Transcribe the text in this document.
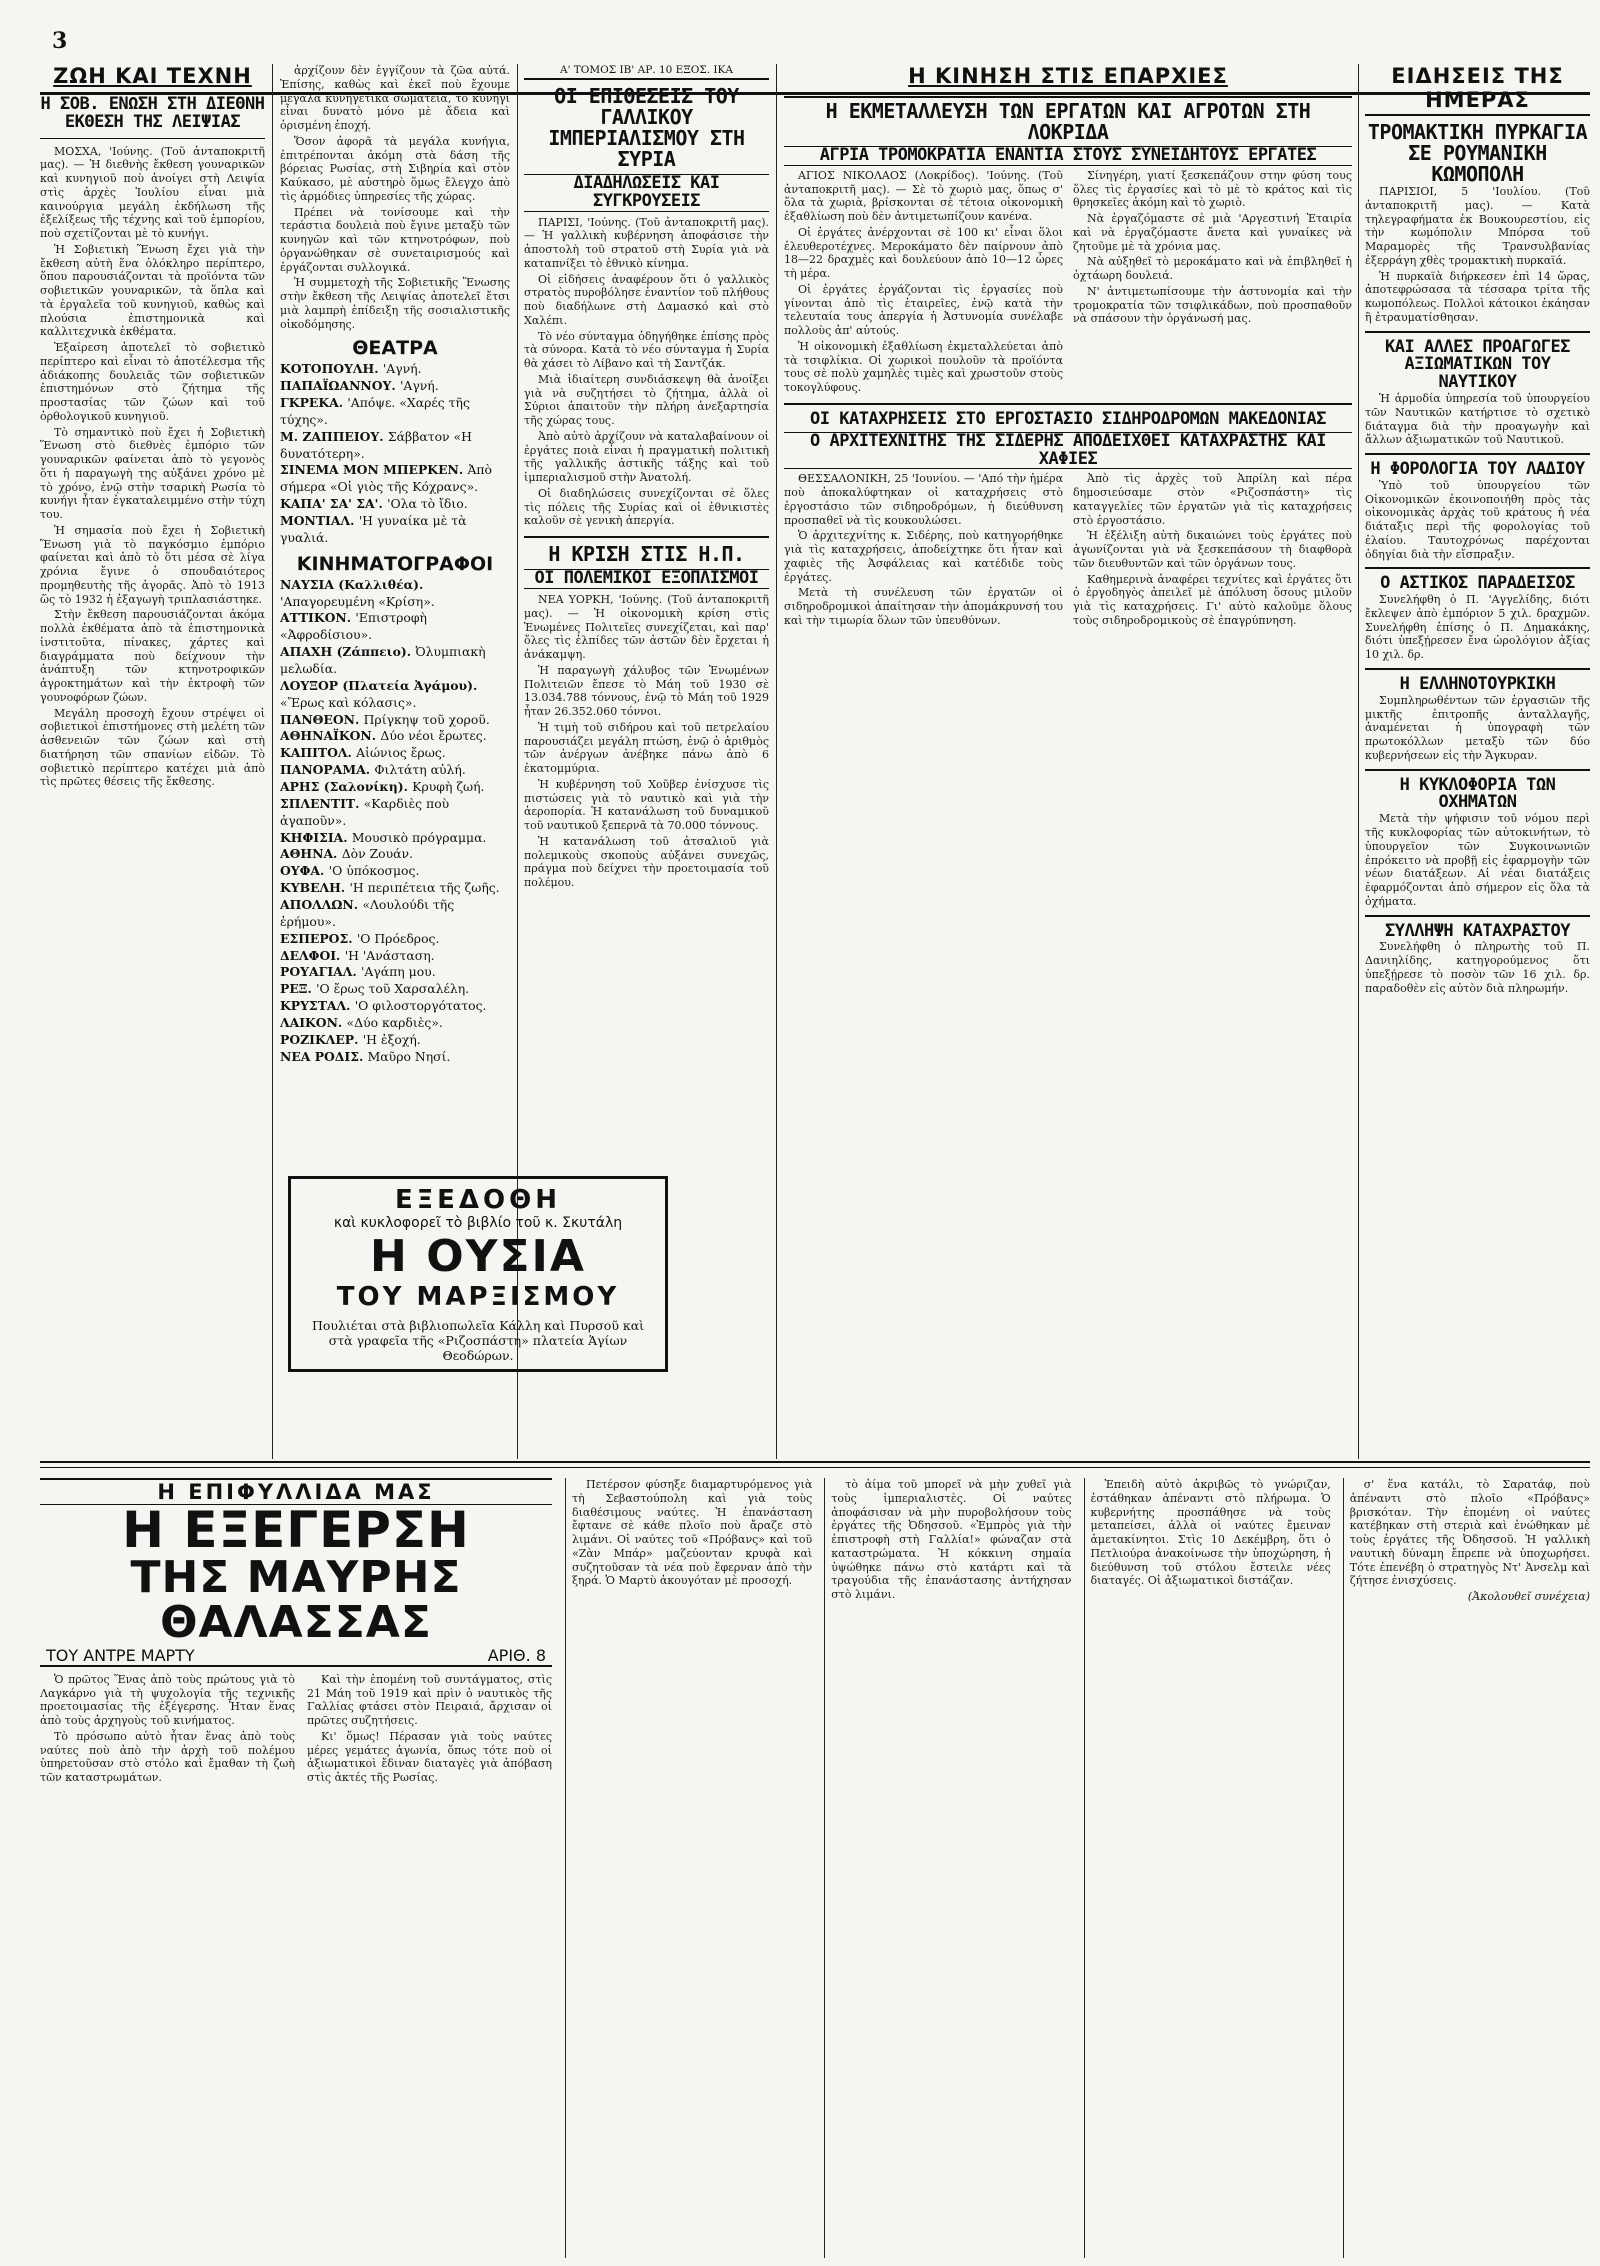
3
ΖΩΗ ΚΑΙ ΤΕΧΝΗ
Η ΣΟΒ. ΕΝΩΣΗ ΣΤΗ ΔΙΕΘΝΗ ΕΚΘΕΣΗ ΤΗΣ ΛΕΙΨΙΑΣ

ΜΟΣΧΑ, 'Ιούνης. (Τοῦ ἀνταποκριτῆ μας). — Ἡ διεθνὴς ἔκθεση γουναρικῶν καὶ κυνηγιοῦ ποὺ ἀνοίγει στὴ Λειψία στὶς ἀρχὲς Ἰουλίου εἶναι μιὰ καινούργια μεγάλη ἐκδήλωση τῆς ἐξελίξεως τῆς τέχνης καὶ τοῦ ἐμπορίου, ποὺ σχετίζονται μὲ τὸ κυνήγι.

Ἡ Σοβιετικὴ Ἕνωση ἔχει γιὰ τὴν ἔκθεση αὐτὴ ἕνα ὁλόκληρο περίπτερο, ὅπου παρουσιάζονται τὰ προϊόντα τῶν σοβιετικῶν γουναρικῶν, τὰ ὅπλα καὶ τὰ ἐργαλεῖα τοῦ κυνηγιοῦ, καθὼς καὶ πλούσια ἐπιστημονικὰ καὶ καλλιτεχνικὰ ἐκθέματα.

Ἐξαίρεση ἀποτελεῖ τὸ σοβιετικὸ περίπτερο καὶ εἶναι τὸ ἀποτέλεσμα τῆς ἀδιάκοπης δουλειᾶς τῶν σοβιετικῶν ἐπιστημόνων στὸ ζήτημα τῆς προστασίας τῶν ζώων καὶ τοῦ ὀρθολογικοῦ κυνηγιοῦ.

Τὸ σημαντικὸ ποὺ ἔχει ἡ Σοβιετικὴ Ἕνωση στὸ διεθνὲς ἐμπόριο τῶν γουναρικῶν φαίνεται ἀπὸ τὸ γεγονὸς ὅτι ἡ παραγωγὴ της αὐξάνει χρόνο μὲ τὸ χρόνο, ἐνῷ στὴν τσαρικὴ Ρωσία τὸ κυνήγι ἦταν ἐγκαταλειμμένο στὴν τύχη του.

Ἡ σημασία ποὺ ἔχει ἡ Σοβιετικὴ Ἕνωση γιὰ τὸ παγκόσμιο ἐμπόριο φαίνεται καὶ ἀπὸ τὸ ὅτι μέσα σὲ λίγα χρόνια ἔγινε ὁ σπουδαιότερος προμηθευτὴς τῆς ἀγορᾶς. Ἀπὸ τὸ 1913 ὥς τὸ 1932 ἡ ἐξαγωγὴ τριπλασιάστηκε.

Στὴν ἔκθεση παρουσιάζονται ἀκόμα πολλὰ ἐκθέματα ἀπὸ τὰ ἐπιστημονικὰ ἰνστιτοῦτα, πίνακες, χάρτες καὶ διαγράμματα ποὺ δείχνουν τὴν ἀνάπτυξη τῶν κτηνοτροφικῶν ἀγροκτημάτων καὶ τὴν ἐκτροφὴ τῶν γουνοφόρων ζώων.

Μεγάλη προσοχὴ ἔχουν στρέψει οἱ σοβιετικοὶ ἐπιστήμονες στὴ μελέτη τῶν ἀσθενειῶν τῶν ζώων καὶ στὴ διατήρηση τῶν σπανίων εἰδῶν. Τὸ σοβιετικὸ περίπτερο κατέχει μιὰ ἀπὸ τὶς πρῶτες θέσεις τῆς ἔκθεσης.

ἀρχίζουν δὲν ἐγγίζουν τὰ ζῶα αὐτά. Ἐπίσης, καθὼς καὶ ἐκεῖ ποὺ ἔχουμε μεγάλα κυνηγετικὰ σωματεῖα, τὸ κυνήγι εἶναι δυνατὸ μόνο μὲ ἄδεια καὶ ὁρισμένη ἐποχή.

Ὅσον ἀφορᾶ τὰ μεγάλα κυνήγια, ἐπιτρέπονται ἀκόμη στὰ δάση τῆς βόρειας Ρωσίας, στὴ Σιβηρία καὶ στὸν Καύκασο, μὲ αὐστηρὸ ὅμως ἔλεγχο ἀπὸ τὶς ἀρμόδιες ὑπηρεσίες τῆς χώρας.

Πρέπει νὰ τονίσουμε καὶ τὴν τεράστια δουλειὰ ποὺ ἔγινε μεταξὺ τῶν κυνηγῶν καὶ τῶν κτηνοτρόφων, ποὺ ὀργανώθηκαν σὲ συνεταιρισμούς καὶ ἐργάζονται συλλογικά.

Ἡ συμμετοχὴ τῆς Σοβιετικῆς Ἕνωσης στὴν ἔκθεση τῆς Λειψίας ἀποτελεῖ ἔτσι μιὰ λαμπρὴ ἐπίδειξη τῆς σοσιαλιστικῆς οἰκοδόμησης.

ΘΕΑΤΡΑ
ΚΟΤΟΠΟΥΛΗ. 'Αγνή.
ΠΑΠΑΪΩΑΝΝΟΥ. 'Αγνή.
ΓΚΡΕΚΑ. 'Απόψε. «Χαρές τῆς τύχης».
Μ. ΖΑΠΠΕΙΟΥ. Σάββατον «Η δυνατότερη».
ΣΙΝΕΜΑ ΜΟΝ ΜΠΕΡΚΕΝ. Ἀπὸ σήμερα «Οἱ γιὸς τῆς Κόχρανς».
ΚΑΠΑ' ΣΑ' ΣΑ'. 'Ολα τὸ ἴδιο.
ΜΟΝΤΙΑΛ. 'Η γυναίκα μὲ τὰ γυαλιά.
ΚΙΝΗΜΑΤΟΓΡΑΦΟΙ
ΝΑΥΣΙΑ (Καλλιθέα). 'Απαγορευμένη «Κρίση».
ΑΤΤΙΚΟΝ. 'Επιστροφὴ «Ἀφροδίσιου».
ΑΠΑΧΗ (Ζάππειο). Ὀλυμπιακὴ μελωδία.
ΛΟΥΞΟΡ (Πλατεία Ἀγάμου). «Ἔρως καὶ κόλασις».
ΠΑΝΘΕΟΝ. Πρίγκηψ τοῦ χοροῦ.
ΑΘΗΝΑΪΚΟΝ. Δύο νέοι ἔρωτες.
ΚΑΠΙΤΟΛ. Αἰώνιος ἔρως.
ΠΑΝΟΡΑΜΑ. Φιλτάτη αὐλή.
ΑΡΗΣ (Σαλονίκη). Κρυφὴ ζωή.
ΣΠΛΕΝΤΙΤ. «Καρδιὲς ποὺ ἀγαποῦν».
ΚΗΦΙΣΙΑ. Μουσικὸ πρόγραμμα.
ΑΘΗΝΑ. Δὸν Ζουάν.
ΟΥΦΑ. 'Ο ὑπόκοσμος.
ΚΥΒΕΛΗ. 'Η περιπέτεια τῆς ζωῆς.
ΑΠΟΛΛΩΝ. «Λουλούδι τῆς ἐρήμου».
ΕΣΠΕΡΟΣ. 'Ο Πρόεδρος.
ΔΕΛΦΟΙ. 'Η 'Ανάσταση.
ΡΟΥΑΓΙΑΛ. 'Αγάπη μου.
ΡΕΞ. 'Ο ἔρως τοῦ Χαρσαλέλη.
ΚΡΥΣΤΑΛ. 'Ο φιλοστοργότατος.
ΛΑΙΚΟΝ. «Δύο καρδιὲς».
ΡΟΖΙΚΛΕΡ. 'Η ἐξοχή.
ΝΕΑ ΡΟΔΙΣ. Μαῦρο Νησί.
ΕΞΕΔΟΘΗ
καὶ κυκλοφορεῖ τὸ βιβλίο τοῦ κ. Σκυτάλη
Η ΟΥΣΙΑ
ΤΟΥ ΜΑΡΞΙΣΜΟΥ
Πουλιέται στὰ βιβλιοπωλεῖα Κάλλη καὶ Πυρσοῦ καὶ στὰ γραφεῖα τῆς «Ριζοσπάστη» πλατεία Ἁγίων Θεοδώρων.
Α' ΤΟΜΟΣ ΙΒ' ΑΡ. 10 ΕΞΟΣ. ΙΚΑ
ΟΙ ΕΠΙΘΕΣΕΙΣ ΤΟΥ ΓΑΛΛΙΚΟΥ ΙΜΠΕΡΙΑΛΙΣΜΟΥ ΣΤΗ ΣΥΡΙΑ
ΔΙΑΔΗΛΩΣΕΙΣ ΚΑΙ ΣΥΓΚΡΟΥΣΕΙΣ

ΠΑΡΙΣΙ, 'Ιούνης. (Τοῦ ἀνταποκριτῆ μας). — Ἡ γαλλικὴ κυβέρνηση ἀποφάσισε τὴν ἀποστολὴ τοῦ στρατοῦ στὴ Συρία γιὰ νὰ καταπνίξει τὸ ἐθνικὸ κίνημα.

Οἱ εἰδήσεις ἀναφέρουν ὅτι ὁ γαλλικὸς στρατὸς πυροβόλησε ἐναντίον τοῦ πλήθους ποὺ διαδήλωνε στὴ Δαμασκό καὶ στὸ Χαλέπι.

Τὸ νέο σύνταγμα ὁδηγήθηκε ἐπίσης πρὸς τὰ σύνορα. Κατὰ τὸ νέο σύνταγμα ἡ Συρία θὰ χάσει τὸ Λίβανο καὶ τὴ Σαντζάκ.

Μιὰ ἰδιαίτερη συνδιάσκεψη θὰ ἀνοίξει γιὰ νὰ συζητήσει τὸ ζήτημα, ἀλλὰ οἱ Σύριοι ἀπαιτοῦν τὴν πλήρη ἀνεξαρτησία τῆς χώρας τους.

Ἀπὸ αὐτὸ ἀρχίζουν νὰ καταλαβαίνουν οἱ ἐργάτες ποιὰ εἶναι ἡ πραγματικὴ πολιτικὴ τῆς γαλλικῆς ἀστικῆς τάξης καὶ τοῦ ἰμπεριαλισμοῦ στὴν Ἀνατολή.

Οἱ διαδηλώσεις συνεχίζονται σὲ ὅλες τὶς πόλεις τῆς Συρίας καὶ οἱ ἐθνικιστὲς καλοῦν σὲ γενικὴ ἀπεργία.

Η ΚΡΙΣΗ ΣΤΙΣ Η.Π.
ΟΙ ΠΟΛΕΜΙΚΟΙ ΕΞΟΠΛΙΣΜΟΙ

ΝΕΑ ΥΟΡΚΗ, 'Ιούνης. (Τοῦ ἀνταποκριτῆ μας). — Ἡ οἰκονομικὴ κρίση στὶς Ἑνωμένες Πολιτεῖες συνεχίζεται, καὶ παρ' ὅλες τὶς ἐλπίδες τῶν ἀστῶν δὲν ἔρχεται ἡ ἀνάκαμψη.

Ἡ παραγωγὴ χάλυβος τῶν Ἑνωμένων Πολιτειῶν ἔπεσε τὸ Μάη τοῦ 1930 σὲ 13.034.788 τόννους, ἐνῷ τὸ Μάη τοῦ 1929 ἦταν 26.352.060 τόννοι.

Ἡ τιμὴ τοῦ σιδήρου καὶ τοῦ πετρελαίου παρουσιάζει μεγάλη πτώση, ἐνῷ ὁ ἀριθμὸς τῶν ἀνέργων ἀνέβηκε πάνω ἀπὸ 6 ἑκατομμύρια.

Ἡ κυβέρνηση τοῦ Χοῦβερ ἐνίσχυσε τὶς πιστώσεις γιὰ τὸ ναυτικὸ καὶ γιὰ τὴν ἀεροπορία. Ἡ κατανάλωση τοῦ δυναμικοῦ τοῦ ναυτικοῦ ξεπερνᾶ τὰ 70.000 τόννους.

Ἡ κατανάλωση τοῦ ἀτσαλιοῦ γιὰ πολεμικοὺς σκοποὺς αὐξάνει συνεχῶς, πράγμα ποὺ δείχνει τὴν προετοιμασία τοῦ πολέμου.

Η ΚΙΝΗΣΗ ΣΤΙΣ ΕΠΑΡΧΙΕΣ
Η ΕΚΜΕΤΑΛΛΕΥΣΗ ΤΩΝ ΕΡΓΑΤΩΝ ΚΑΙ ΑΓΡΟΤΩΝ ΣΤΗ ΛΟΚΡΙΔΑ
ΑΓΡΙΑ ΤΡΟΜΟΚΡΑΤΙΑ ΕΝΑΝΤΙΑ ΣΤΟΥΣ ΣΥΝΕΙΔΗΤΟΥΣ ΕΡΓΑΤΕΣ

ΑΓΙΟΣ ΝΙΚΟΛΑΟΣ (Λοκρίδος). 'Ιούνης. (Τοῦ ἀνταποκριτῆ μας). — Σὲ τὸ χωριὸ μας, ὅπως σ' ὅλα τὰ χωριὰ, βρίσκονται σὲ τέτοια οἰκονομικὴ ἐξαθλίωση ποὺ δὲν ἀντιμετωπίζουν κανένα.

Οἱ ἐργάτες ἀνέρχονται σὲ 100 κι' εἶναι ὅλοι ἐλευθεροτέχνες. Μεροκάματο δὲν παίρνουν ἀπὸ 18—22 δραχμὲς καὶ δουλεύουν ἀπὸ 10—12 ὧρες τὴ μέρα.

Οἱ ἐργάτες ἐργάζονται τὶς ἐργασίες ποὺ γίνονται ἀπὸ τὶς ἑταιρεῖες, ἐνῷ κατὰ τὴν τελευταία τους ἀπεργία ἡ Ἀστυνομία συνέλαβε πολλοὺς ἀπ' αὐτούς.

Ἡ οἰκονομικὴ ἐξαθλίωση ἐκμεταλλεύεται ἀπὸ τὰ τσιφλίκια. Οἱ χωρικοὶ πουλοῦν τὰ προϊόντα τους σὲ πολὺ χαμηλὲς τιμὲς καὶ χρωστοῦν στοὺς τοκογλύφους.

Σίνηγέρη, γιατί ξεσκεπάζουν στην φύση τους ὅλες τὶς ἐργασίες καὶ τὸ μὲ τὸ κράτος καὶ τὶς θρησκεῖες ἀκόμη καὶ τὸ χωριὸ.

Νὰ ἐργαζόμαστε σὲ μιὰ 'Αργεστινή Ἑταιρία καὶ νὰ ἐργαζόμαστε ἄνετα καὶ γυναίκες νὰ ζητοῦμε μὲ τὰ χρόνια μας.

Νὰ αὐξηθεῖ τὸ μεροκάματο καὶ νὰ ἐπιβληθεῖ ἡ ὀχτάωρη δουλειά.

Ν' ἀντιμετωπίσουμε τὴν ἀστυνομία καὶ τὴν τρομοκρατία τῶν τσιφλικάδων, ποὺ προσπαθοῦν νὰ σπάσουν τὴν ὀργάνωσή μας.

ΟΙ ΚΑΤΑΧΡΗΣΕΙΣ ΣΤΟ ΕΡΓΟΣΤΑΣΙΟ ΣΙΔΗΡΟΔΡΟΜΩΝ ΜΑΚΕΔΟΝΙΑΣ
Ο ΑΡΧΙΤΕΧΝΙΤΗΣ ΤΗΣ ΣΙΔΕΡΗΣ ΑΠΟΔΕΙΧΘΕΙ ΚΑΤΑΧΡΑΣΤΗΣ ΚΑΙ ΧΑΦΙΕΣ

ΘΕΣΣΑΛΟΝΙΚΗ, 25 'Ιουνίου. — 'Από τὴν ἡμέρα ποὺ ἀποκαλύφτηκαν οἱ καταχρήσεις στὸ ἐργοστάσιο τῶν σιδηροδρόμων, ἡ διεύθυνση προσπαθεῖ νὰ τὶς κουκουλώσει.

Ὁ ἀρχιτεχνίτης κ. Σιδέρης, ποὺ κατηγορήθηκε γιὰ τὶς καταχρήσεις, ἀποδείχτηκε ὅτι ἦταν καὶ χαφιὲς τῆς Ἀσφάλειας καὶ κατέδιδε τοὺς ἐργάτες.

Μετὰ τὴ συνέλευση τῶν ἐργατῶν οἱ σιδηροδρομικοὶ ἀπαίτησαν τὴν ἀπομάκρυνσή του καὶ τὴν τιμωρία ὅλων τῶν ὑπευθύνων.

Ἀπὸ τὶς ἀρχὲς τοῦ Ἀπρίλη καὶ πέρα δημοσιεύσαμε στὸν «Ριζοσπάστη» τὶς καταγγελίες τῶν ἐργατῶν γιὰ τὶς καταχρήσεις στὸ ἐργοστάσιο.

Ἡ ἐξέλιξη αὐτὴ δικαιώνει τοὺς ἐργάτες ποὺ ἀγωνίζονται γιὰ νὰ ξεσκεπάσουν τὴ διαφθορὰ τῶν διευθυντῶν καὶ τῶν ὀργάνων τους.

Καθημερινὰ ἀναφέρει τεχνίτες καὶ ἐργάτες ὅτι ὁ ἐργοδηγὸς ἀπειλεῖ μὲ ἀπόλυση ὅσους μιλοῦν γιὰ τὶς καταχρήσεις. Γι' αὐτὸ καλοῦμε ὅλους τοὺς σιδηροδρομικοὺς σὲ ἐπαγρύπνηση.

ΕΙΔΗΣΕΙΣ ΤΗΣ ΗΜΕΡΑΣ
ΤΡΟΜΑΚΤΙΚΗ ΠΥΡΚΑΓΙΑ ΣΕ ΡΟΥΜΑΝΙΚΗ ΚΩΜΟΠΟΛΗ

ΠΑΡΙΣΙΟΙ, 5 'Ιουλίου. (Τοῦ ἀνταποκριτῆ μας). — Κατὰ τηλεγραφήματα ἐκ Βουκουρεστίου, εἰς τὴν κωμόπολιν Μπόρσα τοῦ Μαραμορὲς τῆς Τρανσυλβανίας ἐξερράγη χθὲς τρομακτικὴ πυρκαϊά.

Ἡ πυρκαϊὰ διήρκεσεν ἐπὶ 14 ὥρας, ἀποτεφρώσασα τὰ τέσσαρα τρίτα τῆς κωμοπόλεως. Πολλοὶ κάτοικοι ἐκάησαν ἢ ἐτραυματίσθησαν.

ΚΑΙ ΑΛΛΕΣ ΠΡΟΑΓΩΓΕΣ ΑΞΙΩΜΑΤΙΚΩΝ ΤΟΥ ΝΑΥΤΙΚΟΥ

Ἡ ἁρμοδία ὑπηρεσία τοῦ ὑπουργείου τῶν Ναυτικῶν κατήρτισε τὸ σχετικὸ διάταγμα διὰ τὴν προαγωγὴν καὶ ἄλλων ἀξιωματικῶν τοῦ Ναυτικοῦ.

Η ΦΟΡΟΛΟΓΙΑ ΤΟΥ ΛΑΔΙΟΥ

Ὑπὸ τοῦ ὑπουργείου τῶν Οἰκονομικῶν ἐκοινοποιήθη πρὸς τὰς οἰκονομικὰς ἀρχὰς τοῦ κράτους ἡ νέα διάταξις περὶ τῆς φορολογίας τοῦ ἐλαίου. Ταυτοχρόνως παρέχονται ὁδηγίαι διὰ τὴν εἴσπραξιν.

Ο ΑΣΤΙΚΟΣ ΠΑΡΑΔΕΙΣΟΣ

Συνελήφθη ὁ Π. 'Αγγελίδης, διότι ἔκλεψεν ἀπὸ ἐμπόριον 5 χιλ. δραχμῶν. Συνελήφθη ἐπίσης ὁ Π. Δημακάκης, διότι ὑπεξῄρεσεν ἔνα ὡρολόγιον ἀξίας 10 χιλ. δρ.

Η ΕΛΛΗΝΟΤΟΥΡΚΙΚΗ

Συμπληρωθέντων τῶν ἐργασιῶν τῆς μικτῆς ἐπιτροπῆς ἀνταλλαγῆς, ἀναμένεται ἡ ὑπογραφὴ τῶν πρωτοκόλλων μεταξὺ τῶν δύο κυβερνήσεων εἰς τὴν Ἄγκυραν.

Η ΚΥΚΛΟΦΟΡΙΑ ΤΩΝ ΟΧΗΜΑΤΩΝ

Μετὰ τὴν ψήφισιν τοῦ νόμου περὶ τῆς κυκλοφορίας τῶν αὐτοκινήτων, τὸ ὑπουργεῖον τῶν Συγκοινωνιῶν ἐπρόκειτο νὰ προβῇ εἰς ἐφαρμογὴν τῶν νέων διατάξεων. Αἱ νέαι διατάξεις ἐφαρμόζονται ἀπὸ σήμερον εἰς ὅλα τὰ ὀχήματα.

ΣΥΛΛΗΨΗ ΚΑΤΑΧΡΑΣΤΟΥ

Συνελήφθη ὁ πληρωτὴς τοῦ Π. Δανιηλίδης, κατηγορούμενος ὅτι ὑπεξῄρεσε τὸ ποσὸν τῶν 16 χιλ. δρ. παραδοθὲν εἰς αὐτὸν διὰ πληρωμήν.

Η ΕΠΙΦΥΛΛΙΔΑ ΜΑΣ
Η ΕΞΕΓΕΡΣΗ
ΤΗΣ ΜΑΥΡΗΣ ΘΑΛΑΣΣΑΣ
ΤΟΥ ΑΝΤΡΕ ΜΑΡΤΥ	ΑΡΙΘ. 8

Ὁ πρῶτος Ἕνας ἀπὸ τοὺς πρώτους γιὰ τὸ Λαγκάρνο γιὰ τὴ ψυχολογία τῆς τεχνικῆς προετοιμασίας τῆς ἐξέγερσης. Ἦταν ἕνας ἀπὸ τοὺς ἀρχηγοὺς τοῦ κινήματος.

Τὸ πρόσωπο αὐτὸ ἦταν ἕνας ἀπὸ τοὺς ναύτες ποὺ ἀπὸ τὴν ἀρχὴ τοῦ πολέμου ὑπηρετοῦσαν στὸ στόλο καὶ ἔμαθαν τὴ ζωὴ τῶν καταστρωμάτων.

Καὶ τὴν ἐπομένη τοῦ συντάγματος, στὶς 21 Μάη τοῦ 1919 καὶ πρὶν ὁ ναυτικὸς τῆς Γαλλίας φτάσει στὸν Πειραιά, ἄρχισαν οἱ πρῶτες συζητήσεις.

Κι' ὅμως! Πέρασαν γιὰ τοὺς ναύτες μέρες γεμάτες ἀγωνία, ὅπως τότε ποὺ οἱ ἀξιωματικοὶ ἔδιναν διαταγὲς γιὰ ἀπόβαση στὶς ἀκτές τῆς Ρωσίας.

Πετέρσον φύσηξε διαμαρτυρόμενος γιὰ τὴ Σεβαστούπολη καὶ γιὰ τοὺς διαθέσιμους ναύτες. Ἡ ἐπανάσταση ἔφτανε σὲ κάθε πλοῖο ποὺ ἄραζε στὸ λιμάνι. Οἱ ναύτες τοῦ «Πρόβανς» καὶ τοῦ «Ζὰν Μπάρ» μαζεύονταν κρυφὰ καὶ συζητοῦσαν τὰ νέα ποὺ ἔφερναν ἀπὸ τὴν ξηρά. Ὁ Μαρτὺ ἀκουγόταν μὲ προσοχή.

τὸ ἀίμα τοῦ μπορεῖ νὰ μὴν χυθεῖ γιὰ τοὺς ἰμπεριαλιστὲς. Οἱ ναύτες ἀποφάσισαν νὰ μὴν πυροβολήσουν τοὺς ἐργάτες τῆς Ὀδησσοῦ. «Ἐμπρὸς γιὰ τὴν ἐπιστροφὴ στὴ Γαλλία!» φώναζαν στὰ καταστρώματα. Ἡ κόκκινη σημαία ὑψώθηκε πάνω στὸ κατάρτι καὶ τὰ τραγούδια τῆς ἐπανάστασης ἀντήχησαν στὸ λιμάνι.

Ἐπειδὴ αὐτὸ ἀκριβῶς τὸ γνώριζαν, ἐστάθηκαν ἀπέναντι στὸ πλήρωμα. Ὁ κυβερνήτης προσπάθησε νὰ τοὺς μεταπείσει, ἀλλὰ οἱ ναύτες ἔμειναν ἀμετακίνητοι. Στὶς 10 Δεκέμβρη, ὅτι ὁ Πετλιούρα ἀνακοίνωσε τὴν ὑποχώρηση, ἡ διεύθυνση τοῦ στόλου ἔστειλε νέες διαταγές. Οἱ ἀξιωματικοὶ διστάζαν.

σ' ἕνα κατάλι, τὸ Σαρατάφ, ποὺ ἀπέναντι στὸ πλοῖο «Πρόβανς» βρισκόταν. Τὴν ἐπομένη οἱ ναύτες κατέβηκαν στὴ στεριὰ καὶ ἐνώθηκαν μὲ τοὺς ἐργάτες τῆς Ὀδησσοῦ. Ἡ γαλλικὴ ναυτικὴ δύναμη ἔπρεπε νὰ ὑποχωρήσει. Τότε ἐπενέβη ὁ στρατηγὸς Ντ' Ἀνσελμ καὶ ζήτησε ἐνισχύσεις.

(Ἀκολουθεῖ συνέχεια)
